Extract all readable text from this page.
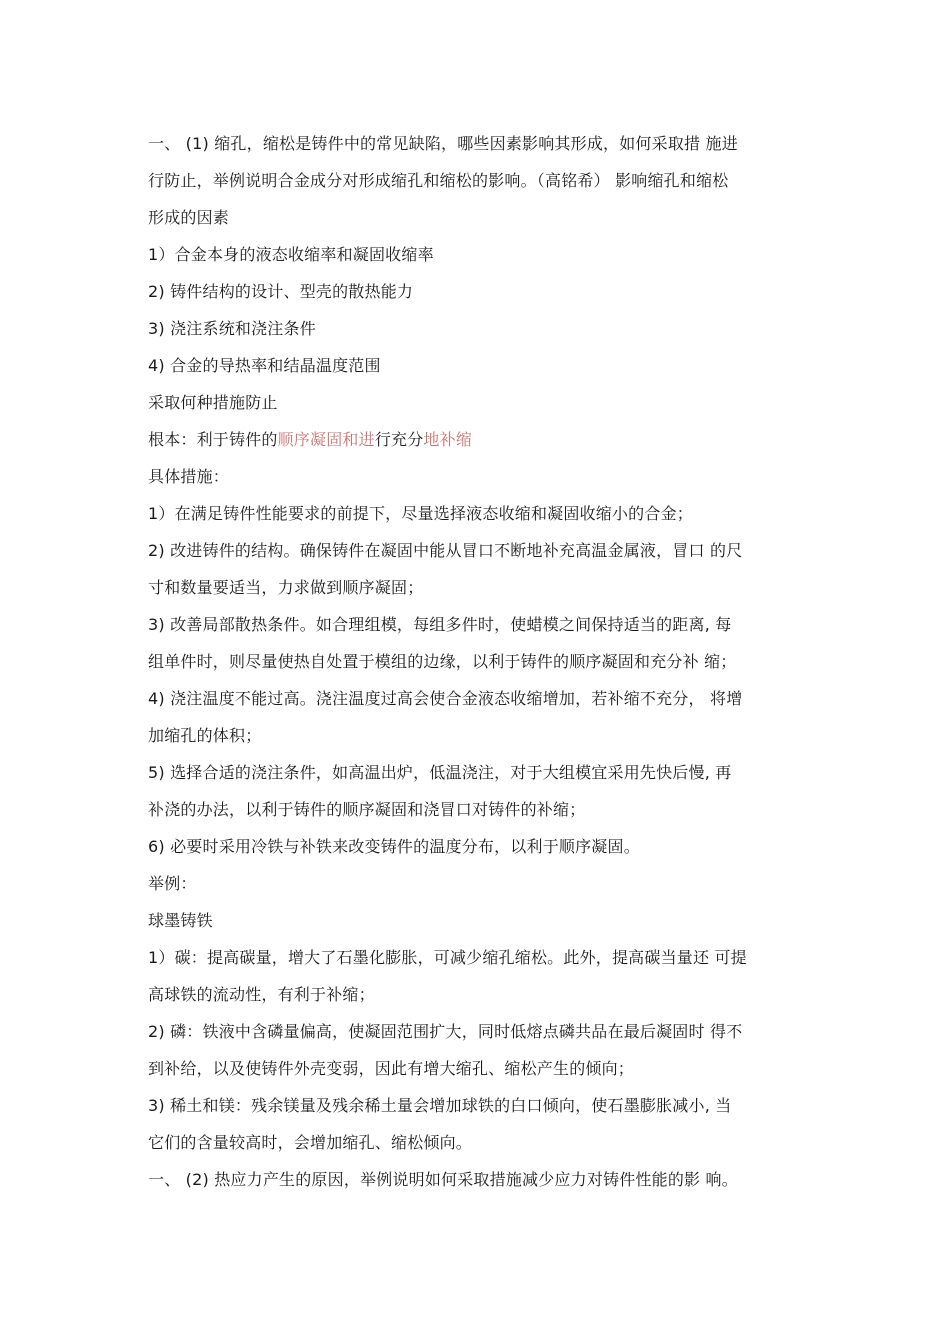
一、 (1) 缩孔，缩松是铸件中的常见缺陷，哪些因素影响其形成，如何采取措 施进
行防止，举例说明合金成分对形成缩孔和缩松的影响。（高铭希） 影响缩孔和缩松
形成的因素
1）合金本身的液态收缩率和凝固收缩率
2) 铸件结构的设计、型壳的散热能力
3) 浇注系统和浇注条件
4) 合金的导热率和结晶温度范围
采取何种措施防止
根本：利于铸件的顺序凝固和进行充分地补缩
具体措施：
1）在满足铸件性能要求的前提下，尽量选择液态收缩和凝固收缩小的合金；
2) 改进铸件的结构。确保铸件在凝固中能从冒口不断地补充高温金属液，冒口 的尺
寸和数量要适当，力求做到顺序凝固；
3) 改善局部散热条件。如合理组模，每组多件时，使蜡模之间保持适当的距离, 每
组单件时，则尽量使热自处置于模组的边缘，以利于铸件的顺序凝固和充分补 缩；
4) 浇注温度不能过高。浇注温度过高会使合金液态收缩增加，若补缩不充分， 将增
加缩孔的体积；
5) 选择合适的浇注条件，如高温出炉，低温浇注，对于大组模宜采用先快后慢, 再
补浇的办法，以利于铸件的顺序凝固和浇冒口对铸件的补缩；
6) 必要时采用冷铁与补铁来改变铸件的温度分布，以利于顺序凝固。
举例：
球墨铸铁
1）碳：提高碳量，增大了石墨化膨胀，可减少缩孔缩松。此外，提高碳当量还 可提
高球铁的流动性，有利于补缩；
2) 磷：铁液中含磷量偏高，使凝固范围扩大，同时低熔点磷共品在最后凝固时 得不
到补给，以及使铸件外壳变弱，因此有增大缩孔、缩松产生的倾向；
3) 稀土和镁：残余镁量及残余稀土量会增加球铁的白口倾向，使石墨膨胀减小, 当
它们的含量较高时，会增加缩孔、缩松倾向。
一、 (2) 热应力产生的原因，举例说明如何采取措施减少应力对铸件性能的影 响。
